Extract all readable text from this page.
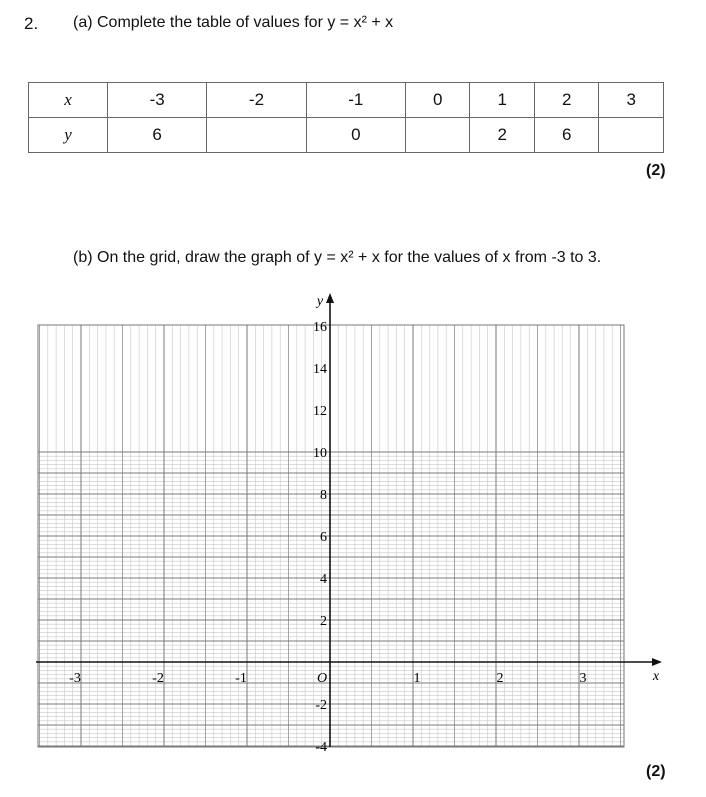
2. (a) Complete the table of values for y = x² + x
x	-3	-2	-1	0	1	2	3
y	6		0		2	6	
(2)
(b) On the grid, draw the graph of y = x² + x for the values of x from -3 to 3.
x
y
-3	-2	-1	O	1	2	3
16
14
12
10
8
6
4
2
-2
-4
(2)
